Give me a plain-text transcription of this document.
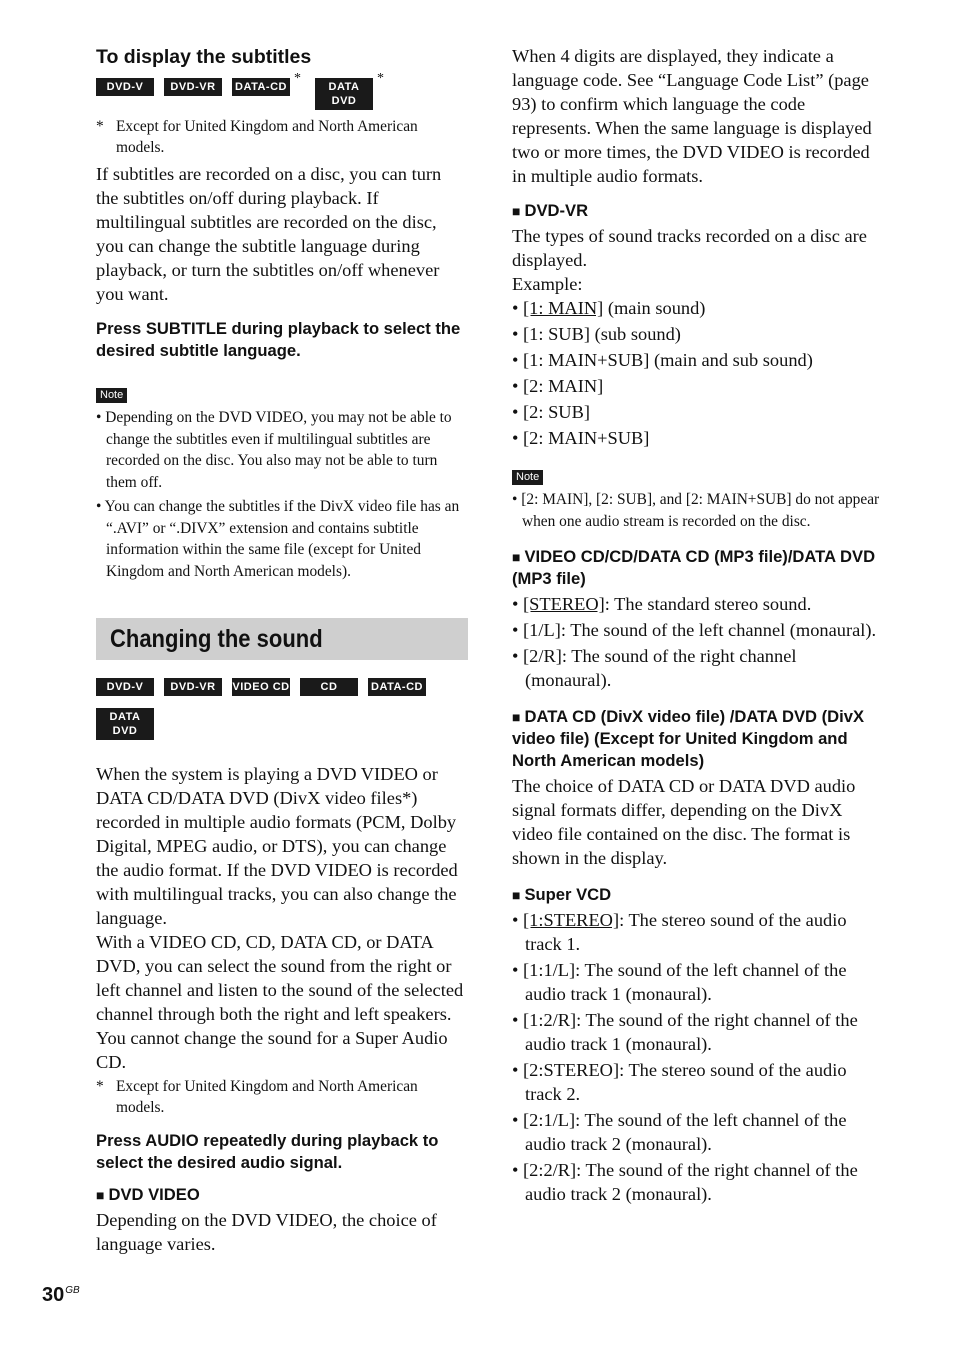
To display the subtitles
DVD-V	DVD-VR	DATA-CD
*
DATA DVD
*

* Except for United Kingdom and North American models.

If subtitles are recorded on a disc, you can turn the subtitles on/off during playback. If multilingual subtitles are recorded on the disc, you can change the subtitle language during playback, or turn the subtitles on/off whenever you want.

Press SUBTITLE during playback to select the desired subtitle language.

Note
• Depending on the DVD VIDEO, you may not be able to change the subtitles even if multilingual subtitles are recorded on the disc. You also may not be able to turn them off.
• You can change the subtitles if the DivX video file has an “.AVI” or “.DIVX” extension and contains subtitle information within the same file (except for United Kingdom and North American models).
Changing the sound
DVD-V	DVD-VR	VIDEO CD	CD	DATA-CD
DATA DVD

When the system is playing a DVD VIDEO or DATA CD/DATA DVD (DivX video files*) recorded in multiple audio formats (PCM, Dolby Digital, MPEG audio, or DTS), you can change the audio format. If the DVD VIDEO is recorded with multilingual tracks, you can also change the language.

With a VIDEO CD, CD, DATA CD, or DATA DVD, you can select the sound from the right or left channel and listen to the sound of the selected channel through both the right and left speakers.

You cannot change the sound for a Super Audio CD.

* Except for United Kingdom and North American models.

Press AUDIO repeatedly during playback to select the desired audio signal.

■ DVD VIDEO

Depending on the DVD VIDEO, the choice of language varies.

When 4 digits are displayed, they indicate a language code. See “Language Code List” (page 93) to confirm which language the code represents. When the same language is displayed two or more times, the DVD VIDEO is recorded in multiple audio formats.

■ DVD-VR

The types of sound tracks recorded on a disc are displayed.

Example:

• [1: MAIN] (main sound)
• [1: SUB] (sub sound)
• [1: MAIN+SUB] (main and sub sound)
• [2: MAIN]
• [2: SUB]
• [2: MAIN+SUB]
Note
• [2: MAIN], [2: SUB], and [2: MAIN+SUB] do not appear when one audio stream is recorded on the disc.
■ VIDEO CD/CD/DATA CD (MP3 file)/DATA DVD (MP3 file)
• [STEREO]: The standard stereo sound.
• [1/L]: The sound of the left channel (monaural).
• [2/R]: The sound of the right channel (monaural).
■ DATA CD (DivX video file) /DATA DVD (DivX video file) (Except for United Kingdom and North American models)

The choice of DATA CD or DATA DVD audio signal formats differ, depending on the DivX video file contained on the disc. The format is shown in the display.

■ Super VCD
• [1:STEREO]: The stereo sound of the audio track 1.
• [1:1/L]: The sound of the left channel of the audio track 1 (monaural).
• [1:2/R]: The sound of the right channel of the audio track 1 (monaural).
• [2:STEREO]: The stereo sound of the audio track 2.
• [2:1/L]: The sound of the left channel of the audio track 2 (monaural).
• [2:2/R]: The sound of the right channel of the audio track 2 (monaural).
$30^{GB}$
